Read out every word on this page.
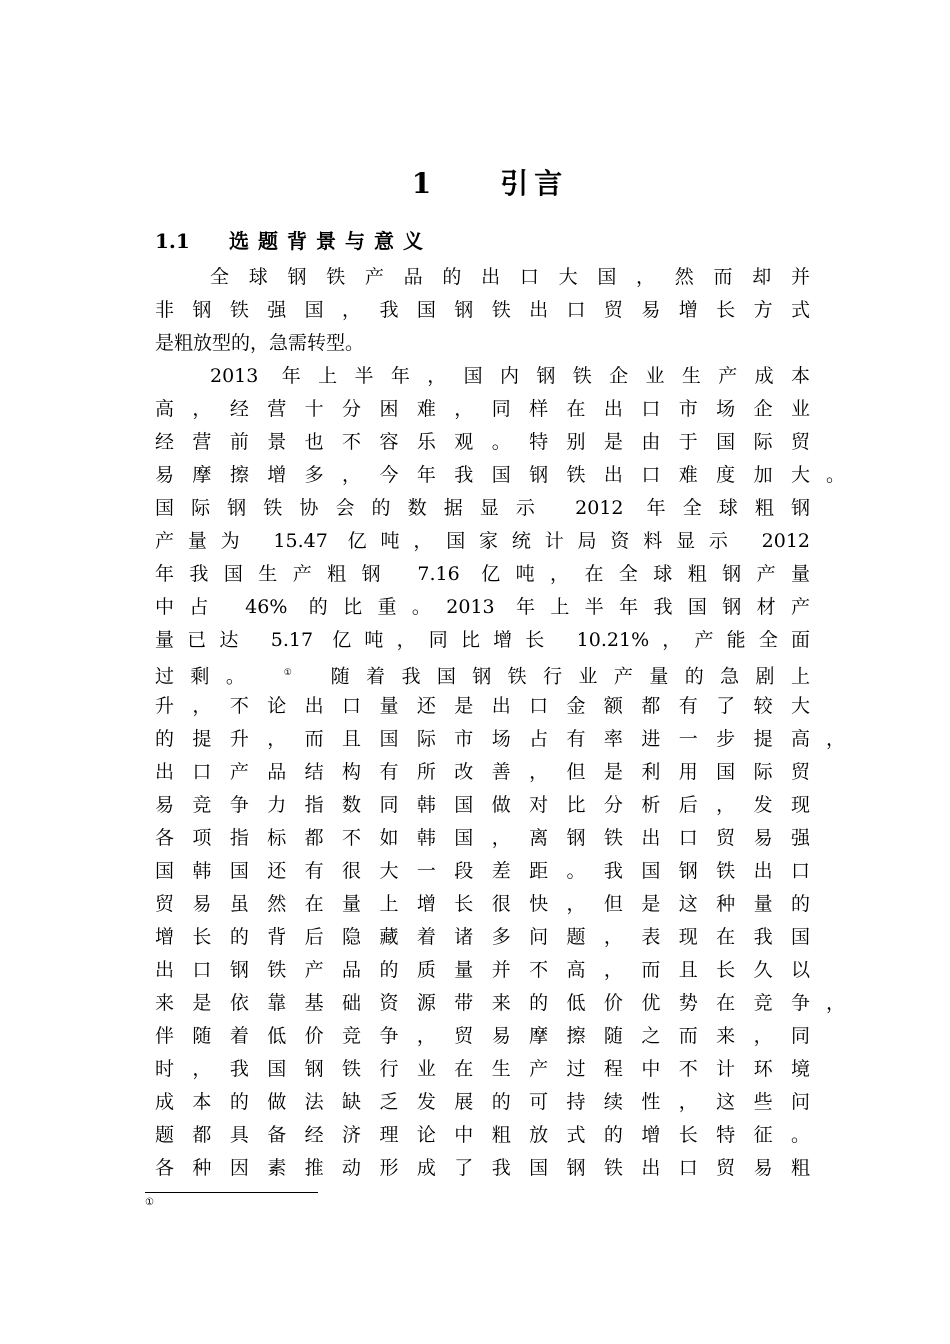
1    引言
1.1 选题背景与意义
全球钢铁产品的出口大国，然而却并
非钢铁强国，我国钢铁出口贸易增长方式
是粗放型的，急需转型。
2013 年上半年，国内钢铁企业生产成本
高，经营十分困难，同样在出口市场企业
经营前景也不容乐观。特别是由于国际贸
易摩擦增多，今年我国钢铁出口难度加大
国际钢铁协会的数据显示 2012 年全球粗钢
产量为 15.47 亿吨，国家统计局资料显示 2012
年我国生产粗钢 7.16 亿吨，在全球粗钢产量
中占 46% 的比重。2013 年上半年我国钢材产
量已达 5.17 亿吨，同比增长 10.21%，产能全面
过剩。 ① 随着我国钢铁行业产量的急剧上
升，不论出口量还是出口金额都有了较大
的提升，而且国际市场占有率进一步提高
出口产品结构有所改善，但是利用国际贸
易竞争力指数同韩国做对比分析后，发现
各项指标都不如韩国，离钢铁出口贸易强
国韩国还有很大一段差距。我国钢铁出口
贸易虽然在量上增长很快，但是这种量的
增长的背后隐藏着诸多问题，表现在我国
出口钢铁产品的质量并不高，而且长久以
来是依靠基础资源带来的低价优势在竞争
伴随着低价竞争，贸易摩擦随之而来，同
时，我国钢铁行业在生产过程中不计环境
成本的做法缺乏发展的可持续性，这些问
题都具备经济理论中粗放式的增长特征。
各种因素推动形成了我国钢铁出口贸易粗
。
，
，
①
